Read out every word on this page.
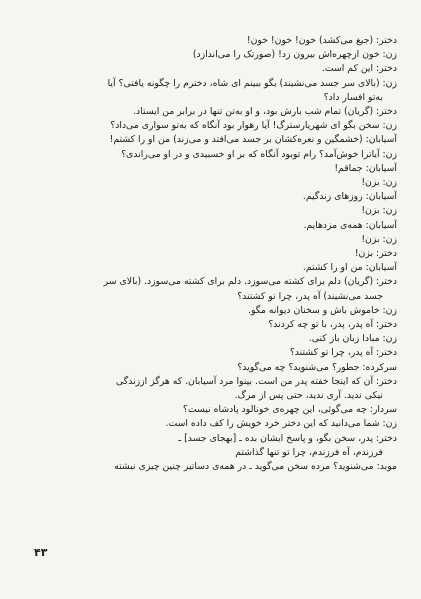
دختر: (جیغ می‌کشد) خون! خون! خون!
زن: خون ازچهره‌اش بیرون زد! (صورتک را می‌اندازد)
دختر: این کم است.
زن: (بالای سر جسد می‌نشیند) بگو ببینم ای شاه، دخترم را چگونه یافتی؟ آیا
به‌تو افسار داد؟
دختر: (گریان) تمام شب بارش بود، و او به‌تن تنها در برابر من ایستاد.
زن: سخن بگو ای شهریارسترگ! آیا رهوار بود آنگاه که به‌تو سواری می‌داد؟
آسیابان: (خشمگین و نعره‌کشان بر جسد می‌افتد و می‌زند) من او را کشتم!
زن: آیاترا خوش‌آمد؟ رام توبود آنگاه که بر او خسبیدی و در او می‌راندی؟
آسیابان: جماقم!
زن: بزن!
آسیابان: روزهای زندگیم.
زن: بزن!
آسیابان: همه‌ی مزدهایم.
زن: بزن!
دختر: بزن!
آسیابان: من او را کشتم.
دختر: (گریان) دلم برای کشته می‌سوزد. دلم برای کشته می‌سوزد. (بالای سر
جسد می‌نشیند) آه پدر، چرا تو کشتند؟
زن: خاموش باش و سخنان دیوانه مگو.
دختر: آه پدر، پدر، با تو چه کردند؟
زن: مبادا زبان باز کنی.
دختر: آه پدر، چرا تو کشتند؟
سرکرده: جطور؟ می‌شنوید؟ چه می‌گوید؟
دختر: آن که اینجا خفته پدر من است. بپنوا مرد آسیابان. که هرگز اززندگی
نیکی ندید. آری ندید، حتی پس از مرگ.
سردار: چه می‌گوئی، این چهره‌ی خونالود پادشاه نیست؟
زن: شما می‌دانید که این دختر خرد خویش را کف داده است.
دختر: پدر، سخن بگو، و پاسخ ایشان بده ـ [بهجای جسد] ـ
فرزندم، آه فرزندم، چرا تو تنها گذاشتم
موبد: می‌شنوید؟ مرده سخن می‌گوید ـ در همه‌ی دساتیر چنین چیزی نبشته
۴۳
